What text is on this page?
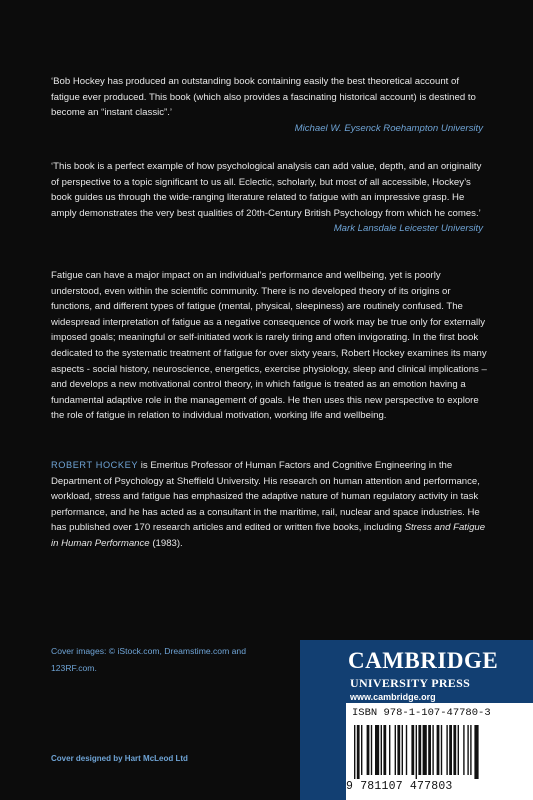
‘Bob Hockey has produced an outstanding book containing easily the best theoretical account of fatigue ever produced. This book (which also provides a fascinating historical account) is destined to become an “instant classic”.’
Michael W. Eysenck Roehampton University
‘This book is a perfect example of how psychological analysis can add value, depth, and an originality of perspective to a topic significant to us all. Eclectic, scholarly, but most of all accessible, Hockey’s book guides us through the wide-ranging literature related to fatigue with an impressive grasp. He amply demonstrates the very best qualities of 20th-Century British Psychology from which he comes.’
Mark Lansdale Leicester University
Fatigue can have a major impact on an individual’s performance and wellbeing, yet is poorly understood, even within the scientific community. There is no developed theory of its origins or functions, and different types of fatigue (mental, physical, sleepiness) are routinely confused. The widespread interpretation of fatigue as a negative consequence of work may be true only for externally imposed goals; meaningful or self-initiated work is rarely tiring and often invigorating. In the first book dedicated to the systematic treatment of fatigue for over sixty years, Robert Hockey examines its many aspects - social history, neuroscience, energetics, exercise physiology, sleep and clinical implications – and develops a new motivational control theory, in which fatigue is treated as an emotion having a fundamental adaptive role in the management of goals. He then uses this new perspective to explore the role of fatigue in relation to individual motivation, working life and wellbeing.
ROBERT HOCKEY is Emeritus Professor of Human Factors and Cognitive Engineering in the Department of Psychology at Sheffield University. His research on human attention and performance, workload, stress and fatigue has emphasized the adaptive nature of human regulatory activity in task performance, and he has acted as a consultant in the maritime, rail, nuclear and space industries. He has published over 170 research articles and edited or written five books, including Stress and Fatigue in Human Performance (1983).
Cover images: © iStock.com, Dreamstime.com and 123RF.com.
Cover designed by Hart McLeod Ltd
CAMBRIDGE
UNIVERSITY PRESS
www.cambridge.org
ISBN 978-1-107-47780-3
9 781107 477803
